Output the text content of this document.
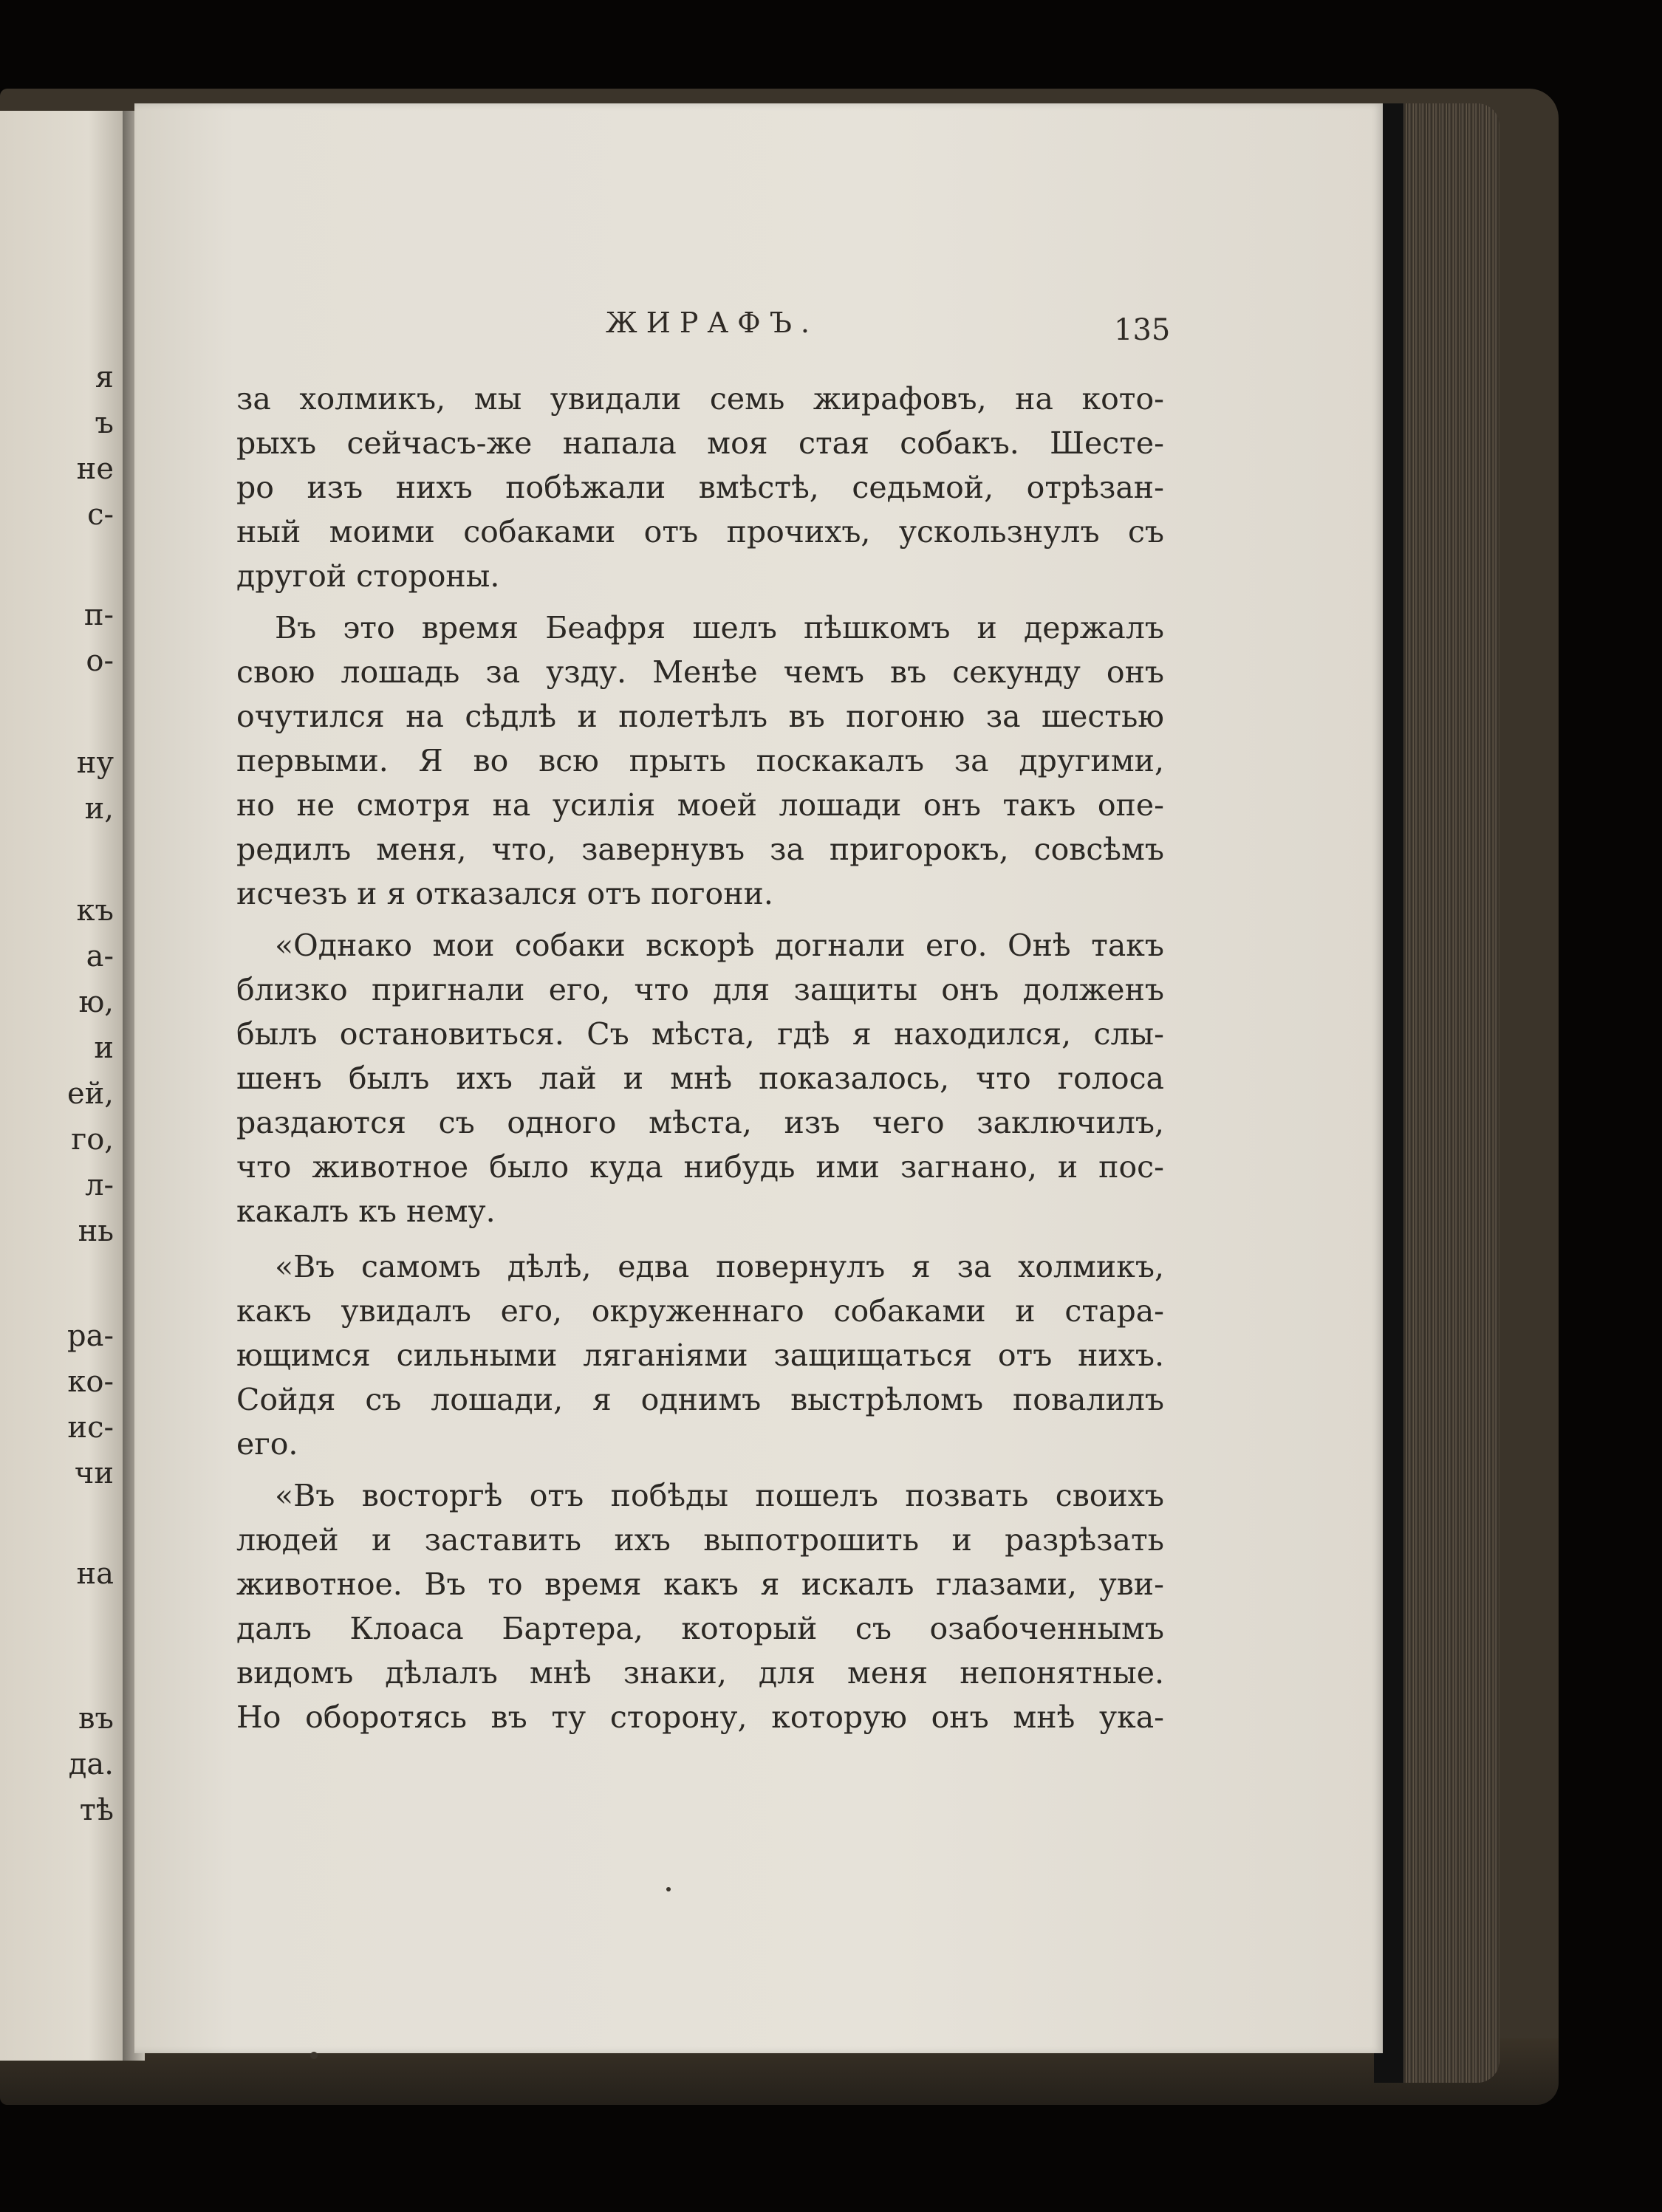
я
ъ
не
с-
п-
о-
ну
и,
къ
а-
ю,
и
ей,
го,
л-
нь
ра-
ко-
ис-
чи
на
въ
да.
тѣ
ЖИРАФЪ.	135
за холмикъ, мы увидали семь жирафовъ, на кото-
рыхъ сейчасъ-же напала моя стая собакъ. Шесте-
ро изъ нихъ побѣжали вмѣстѣ, седьмой, отрѣзан-
ный моими собаками отъ прочихъ, ускользнулъ съ
другой стороны.
Въ это время Беафря шелъ пѣшкомъ и держалъ
свою лошадь за узду. Менѣе чемъ въ секунду онъ
очутился на сѣдлѣ и полетѣлъ въ погоню за шестью
первыми. Я во всю прыть поскакалъ за другими,
но не смотря на усилія моей лошади онъ такъ опе-
редилъ меня, что, завернувъ за пригорокъ, совсѣмъ
исчезъ и я отказался отъ погони.
«Однако мои собаки вскорѣ догнали его. Онѣ такъ
близко пригнали его, что для защиты онъ долженъ
былъ остановиться. Съ мѣста, гдѣ я находился, слы-
шенъ былъ ихъ лай и мнѣ показалось, что голоса
раздаются съ одного мѣста, изъ чего заключилъ,
что животное было куда нибудь ими загнано, и пос-
какалъ къ нему.
«Въ самомъ дѣлѣ, едва повернулъ я за холмикъ,
какъ увидалъ его, окруженнаго собаками и стара-
ющимся сильными ляганіями защищаться отъ нихъ.
Сойдя съ лошади, я однимъ выстрѣломъ повалилъ
его.
«Въ восторгѣ отъ побѣды пошелъ позвать своихъ
людей и заставить ихъ выпотрошить и разрѣзать
животное. Въ то время какъ я искалъ глазами, уви-
далъ Клоаса Бартера, который съ озабоченнымъ
видомъ дѣлалъ мнѣ знаки, для меня непонятные.
Но оборотясь въ ту сторону, которую онъ мнѣ ука-
